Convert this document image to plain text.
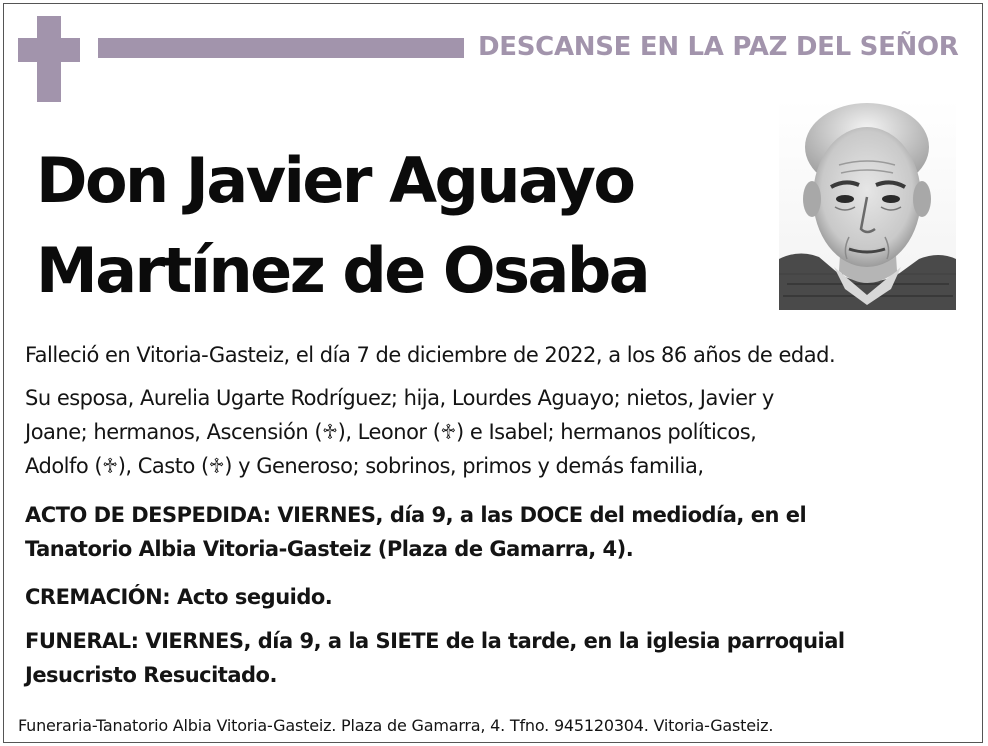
DESCANSE EN LA PAZ DEL SEÑOR
Don Javier Aguayo
Martínez de Osaba
Falleció en Vitoria-Gasteiz, el día 7 de diciembre de 2022, a los 86 años de edad.
Su esposa, Aurelia Ugarte Rodríguez; hija, Lourdes Aguayo; nietos, Javier y
Joane; hermanos, Ascensión (♱), Leonor (♱) e Isabel; hermanos políticos,
Adolfo (♱), Casto (♱) y Generoso; sobrinos, primos y demás familia,
ACTO DE DESPEDIDA: VIERNES, día 9, a las DOCE del mediodía, en el
Tanatorio Albia Vitoria-Gasteiz (Plaza de Gamarra, 4).
CREMACIÓN: Acto seguido.
FUNERAL: VIERNES, día 9, a la SIETE de la tarde, en la iglesia parroquial
Jesucristo Resucitado.
Funeraria-Tanatorio Albia Vitoria-Gasteiz. Plaza de Gamarra, 4. Tfno. 945120304. Vitoria-Gasteiz.
